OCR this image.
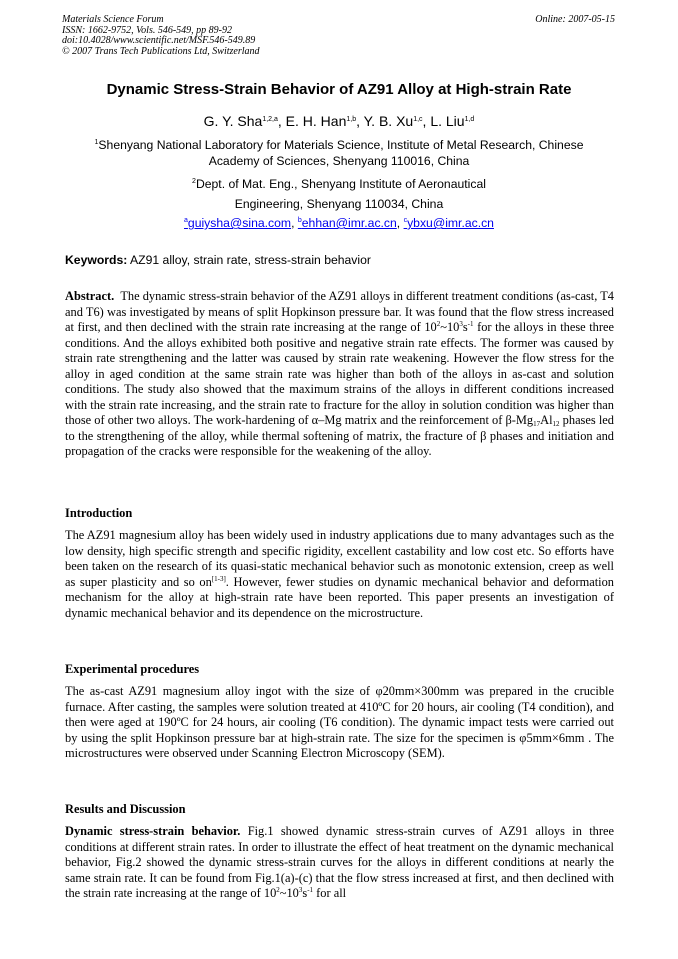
Materials Science Forum
ISSN: 1662-9752, Vols. 546-549, pp 89-92
doi:10.4028/www.scientific.net/MSF.546-549.89
© 2007 Trans Tech Publications Ltd, Switzerland
Online: 2007-05-15
Dynamic Stress-Strain Behavior of AZ91 Alloy at High-strain Rate
G. Y. Sha$^{1,2,a}$, E. H. Han$^{1,b}$, Y. B. Xu$^{1,c}$, L. Liu$^{1,d}$
$^1$Shenyang National Laboratory for Materials Science, Institute of Metal Research, Chinese
Academy of Sciences, Shenyang 110016, China
$^2$Dept. of Mat. Eng., Shenyang Institute of Aeronautical
Engineering, Shenyang 110034, China
$^a$guiysha@sina.com, $^b$ehhan@imr.ac.cn, $^c$ybxu@imr.ac.cn
Keywords: AZ91 alloy, strain rate, stress-strain behavior

Abstract. The dynamic stress-strain behavior of the AZ91 alloys in different treatment conditions (as-cast, T4 and T6) was investigated by means of split Hopkinson pressure bar. It was found that the flow stress increased at first, and then declined with the strain rate increasing at the range of $10^2\sim 10^3s^{-1}$ for the alloys in these three conditions. And the alloys exhibited both positive and negative strain rate effects. The former was caused by strain rate strengthening and the latter was caused by strain rate weakening. However the flow stress for the alloy in aged condition at the same strain rate was higher than both of the alloys in as-cast and solution conditions. The study also showed that the maximum strains of the alloys in different conditions increased with the strain rate increasing, and the strain rate to fracture for the alloy in solution condition was higher than those of other two alloys. The work-hardening of α–Mg matrix and the reinforcement of $\beta-Mg_{17}Al_{12}$ phases led to the strengthening of the alloy, while thermal softening of matrix, the fracture of β phases and initiation and propagation of the cracks were responsible for the weakening of the alloy.

Introduction

The AZ91 magnesium alloy has been widely used in industry applications due to many advantages such as the low density, high specific strength and specific rigidity, excellent castability and low cost etc. So efforts have been taken on the research of its quasi-static mechanical behavior such as monotonic extension, creep as well as super plasticity and so on[1-3]. However, fewer studies on dynamic mechanical behavior and deformation mechanism for the alloy at high-strain rate have been reported. This paper presents an investigation of dynamic mechanical behavior and its dependence on the microstructure.

Experimental procedures

The as-cast AZ91 magnesium alloy ingot with the size of φ20mm×300mm was prepared in the crucible furnace. After casting, the samples were solution treated at 410ºC for 20 hours, air cooling (T4 condition), and then were aged at 190ºC for 24 hours, air cooling (T6 condition). The dynamic impact tests were carried out by using the split Hopkinson pressure bar at high-strain rate. The size for the specimen is φ5mm×6mm . The microstructures were observed under Scanning Electron Microscopy (SEM).

Results and Discussion

Dynamic stress-strain behavior. Fig.1 showed dynamic stress-strain curves of AZ91 alloys in three conditions at different strain rates. In order to illustrate the effect of heat treatment on the dynamic mechanical behavior, Fig.2 showed the dynamic stress-strain curves for the alloys in different conditions at nearly the same strain rate. It can be found from Fig.1(a)-(c) that the flow stress increased at first, and then declined with the strain rate increasing at the range of $10^2\sim 10^3s^{-1}$ for all
